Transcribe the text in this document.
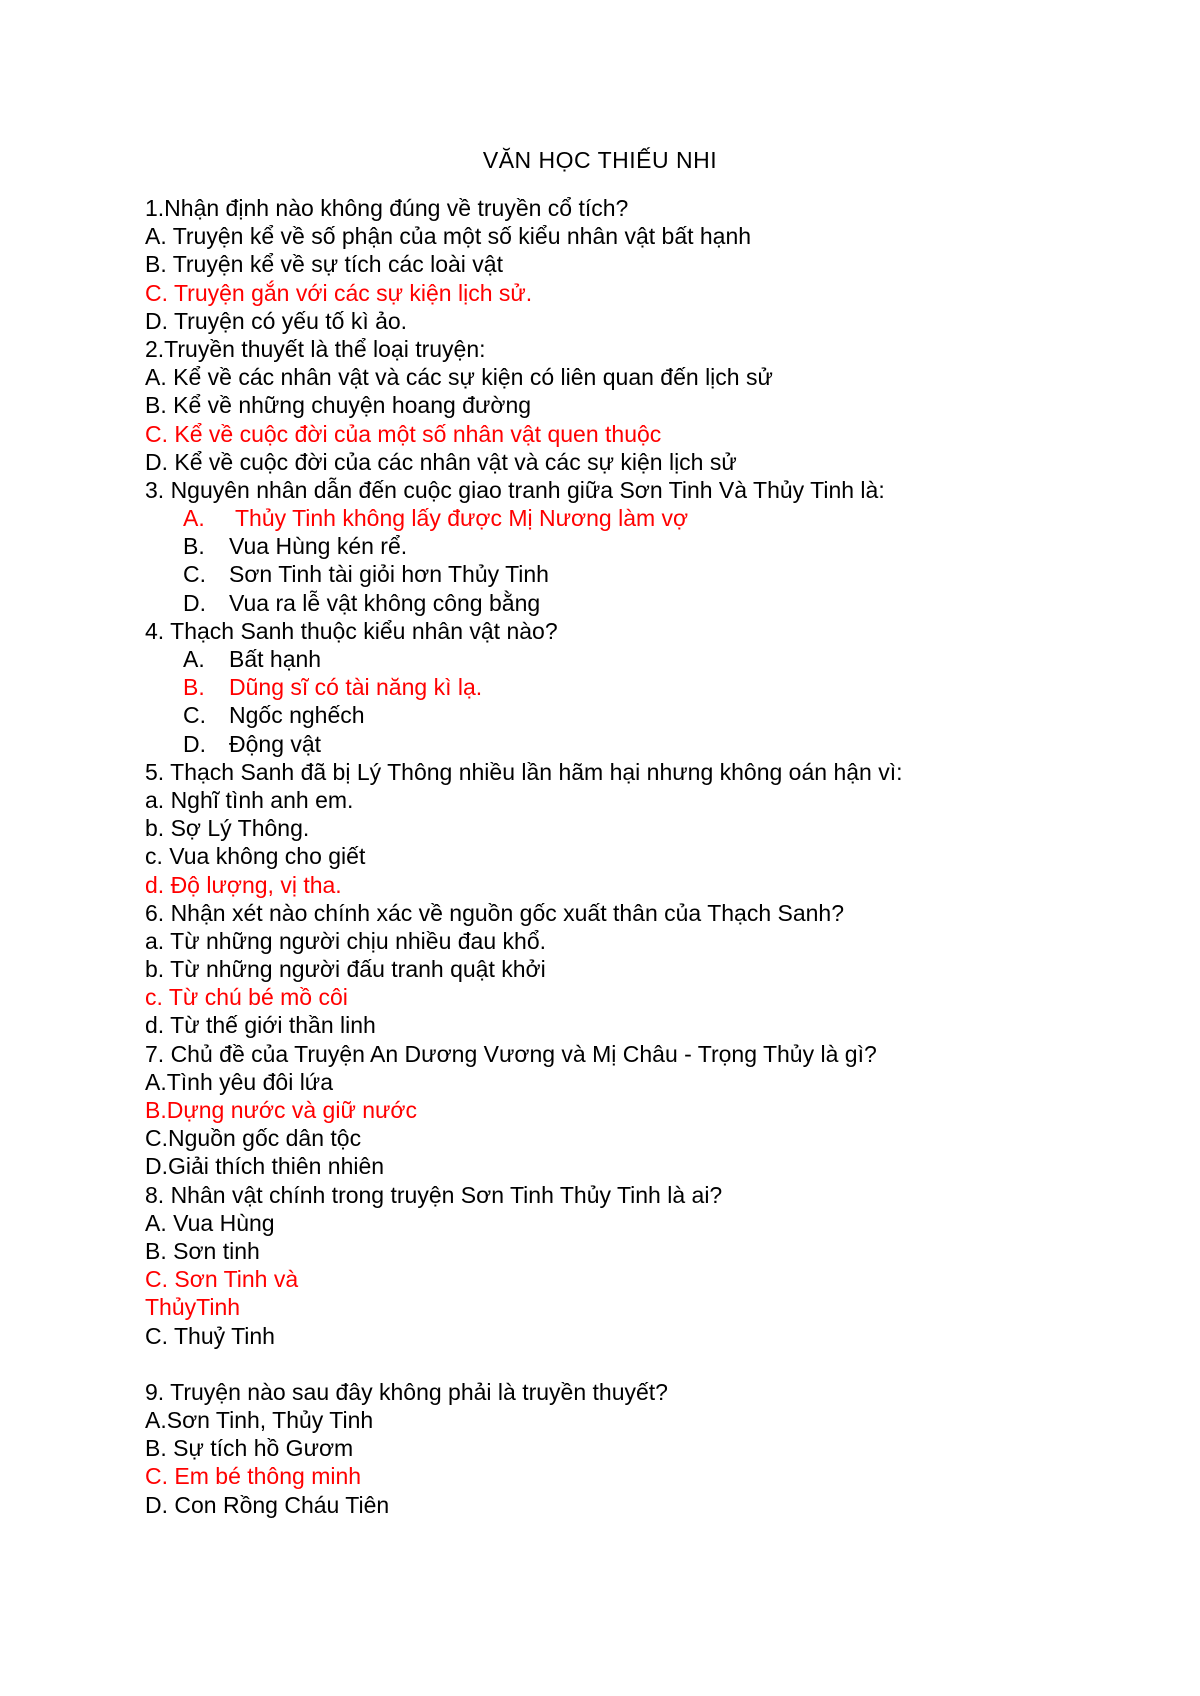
VĂN HỌC THIẾU NHI
1.Nhận định nào không đúng về truyền cổ tích?
A. Truyện kể về số phận của một số kiểu nhân vật bất hạnh
B. Truyện kể về sự tích các loài vật
C. Truyện gắn với các sự kiện lịch sử.
D. Truyện có yếu tố kì ảo.
2.Truyền thuyết là thể loại truyện:
A. Kể về các nhân vật và các sự kiện có liên quan đến lịch sử
B. Kể về những chuyện hoang đường
C. Kể về cuộc đời của một số nhân vật quen thuộc
D. Kể về cuộc đời của các nhân vật và các sự kiện lịch sử
3. Nguyên nhân dẫn đến cuộc giao tranh giữa Sơn Tinh Và Thủy Tinh là:
A. Thủy Tinh không lấy được Mị Nương làm vợ
B. Vua Hùng kén rể.
C. Sơn Tinh tài giỏi hơn Thủy Tinh
D. Vua ra lễ vật không công bằng
4. Thạch Sanh thuộc kiểu nhân vật nào?
A. Bất hạnh
B. Dũng sĩ có tài năng kì lạ.
C. Ngốc nghếch
D. Động vật
5. Thạch Sanh đã bị Lý Thông nhiều lần hãm hại nhưng không oán hận vì:
a. Nghĩ tình anh em.
b. Sợ Lý Thông.
c. Vua không cho giết
d. Độ lượng, vị tha.
6. Nhận xét nào chính xác về nguồn gốc xuất thân của Thạch Sanh?
a. Từ những người chịu nhiều đau khổ.
b. Từ những người đấu tranh quật khởi
c. Từ chú bé mồ côi
d. Từ thế giới thần linh
7. Chủ đề của Truyện An Dương Vương và Mị Châu - Trọng Thủy là gì?
A.Tình yêu đôi lứa
B.Dựng nước và giữ nước
C.Nguồn gốc dân tộc
D.Giải thích thiên nhiên
8. Nhân vật chính trong truyện Sơn Tinh Thủy Tinh là ai?
A. Vua Hùng
B. Sơn tinh
C. Sơn Tinh và
ThủyTinh
C. Thuỷ Tinh
9. Truyện nào sau đây không phải là truyền thuyết?
A.Sơn Tinh, Thủy Tinh
B. Sự tích hồ Gươm
C. Em bé thông minh
D. Con Rồng Cháu Tiên
